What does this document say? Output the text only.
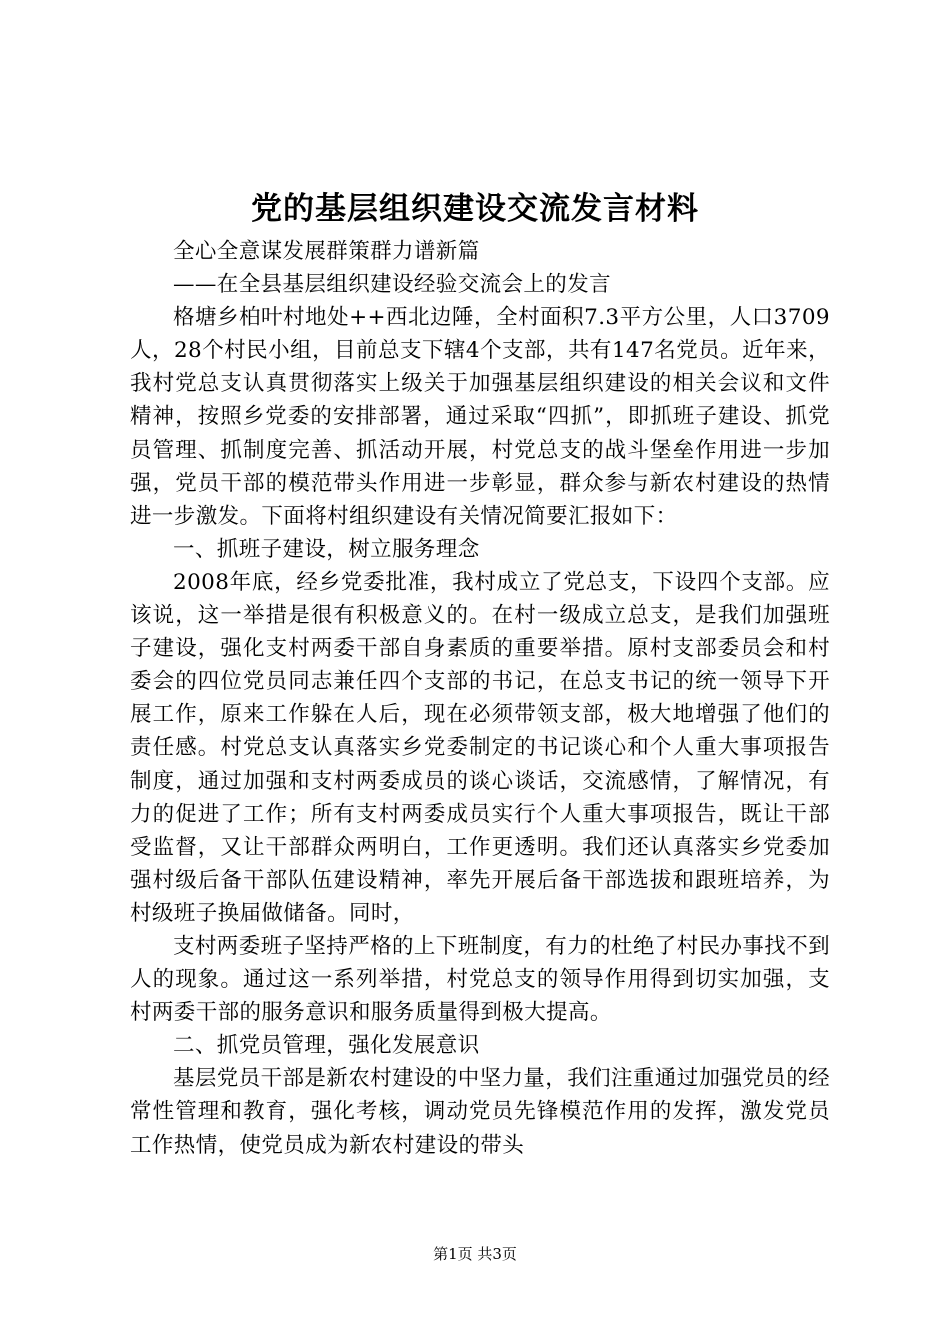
党的基层组织建设交流发言材料

全心全意谋发展群策群力谱新篇

——在全县基层组织建设经验交流会上的发言

格塘乡柏叶村地处++西北边陲，全村面积7.3平方公里，人口3709人，28个村民小组，目前总支下辖4个支部，共有147名党员。近年来，我村党总支认真贯彻落实上级关于加强基层组织建设的相关会议和文件精神，按照乡党委的安排部署，通过采取“四抓”，即抓班子建设、抓党员管理、抓制度完善、抓活动开展，村党总支的战斗堡垒作用进一步加强，党员干部的模范带头作用进一步彰显，群众参与新农村建设的热情进一步激发。下面将村组织建设有关情况简要汇报如下：

一、抓班子建设，树立服务理念

2008年底，经乡党委批准，我村成立了党总支，下设四个支部。应该说，这一举措是很有积极意义的。在村一级成立总支，是我们加强班子建设，强化支村两委干部自身素质的重要举措。原村支部委员会和村委会的四位党员同志兼任四个支部的书记，在总支书记的统一领导下开展工作，原来工作躲在人后，现在必须带领支部，极大地增强了他们的责任感。村党总支认真落实乡党委制定的书记谈心和个人重大事项报告制度，通过加强和支村两委成员的谈心谈话，交流感情，了解情况，有力的促进了工作；所有支村两委成员实行个人重大事项报告，既让干部受监督，又让干部群众两明白，工作更透明。我们还认真落实乡党委加强村级后备干部队伍建设精神，率先开展后备干部选拔和跟班培养，为村级班子换届做储备。同时，

支村两委班子坚持严格的上下班制度，有力的杜绝了村民办事找不到人的现象。通过这一系列举措，村党总支的领导作用得到切实加强，支村两委干部的服务意识和服务质量得到极大提高。

二、抓党员管理，强化发展意识

基层党员干部是新农村建设的中坚力量，我们注重通过加强党员的经常性管理和教育，强化考核，调动党员先锋模范作用的发挥，激发党员工作热情，使党员成为新农村建设的带头

第1页 共3页
